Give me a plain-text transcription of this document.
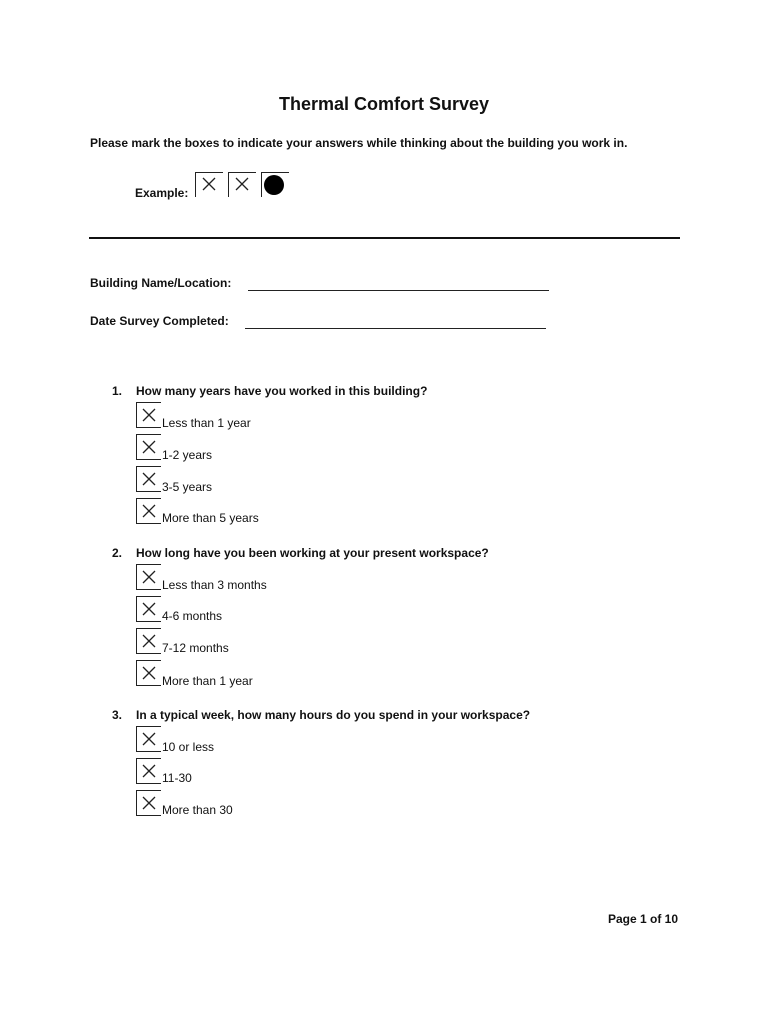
Thermal Comfort Survey
Please mark the boxes to indicate your answers while thinking about the building you work in.
Example:
Building Name/Location:
Date Survey Completed:
1. How many years have you worked in this building?
Less than 1 year
1-2 years
3-5 years
More than 5 years
2. How long have you been working at your present workspace?
Less than 3 months
4-6 months
7-12 months
More than 1 year
3. In a typical week, how many hours do you spend in your workspace?
10 or less
11-30
More than 30
Page 1 of 10
